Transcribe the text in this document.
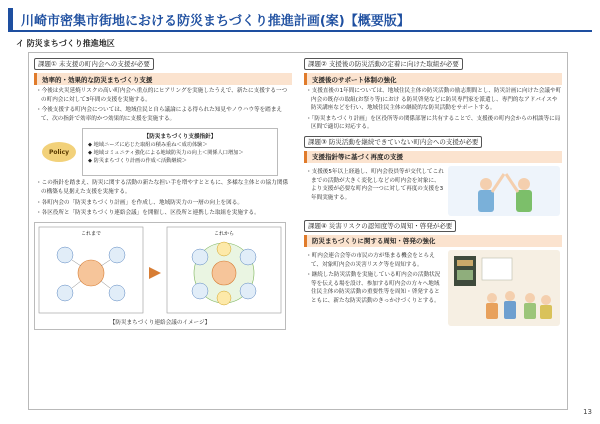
川崎市密集市街地における防災まちづくり推進計画(案)【概要版】
イ 防災まちづくり推進地区
課題① 未支援の町内会への支援が必要
効率的・効果的な防災まちづくり支援
・今後は火災延焼リスクの高い町内会へ重点的にヒアリングを実施したうえで、新たに支援する一つの町内会に対して3年間の支援を実施する。
・今後支援する町内会については、地域住民と自ら議論による得られた知見やノウハウ等を踏まえて、次の指針で効率的かつ効果的に支援を実施する。
Policy
【防災まちづくり支援指針】
◆ 地域ニーズに応じた取組の積み重ね＜成功体験＞
◆ 地域コミュニティ強化による地域防災力の向上＜関係人口増加＞
◆ 防災まちづくり計画の作成＜活動継続＞
・この指針を踏まえ、防災に関する活動の新たな担い手を増やすとともに、多様な主体との協力関係の構築も見据えた支援を実施する。
・各町内会の「防災まちづくり計画」を作成し、地域防災力の一層の向上を図る。
・各区役所と「防災まちづくり連絡会議」を開催し、区役所と連携した取組を実施する。
これまで	これから
【防災まちづくり連絡会議のイメージ】
課題② 支援後の防災活動の定着に向けた取組が必要
支援後のサポート体制の強化
・支援直後の1年間については、地域住民主体の防災活動の励志期間とし、防災計画に向けた会議や町内会の既存の取組(お祭り等)におけ る防災啓発などに防災専門家を派遣し、専門的なアドバイスや防災講座などを行い、地域住民主体の継続的な防災活動をサポートする。
・「防災まちづくり計画」を区役所等の関係部署に共有することで、支援後の町内会からの相談等に局区間で適切に対応する。
課題③ 防災活動を継続できていない町内会への支援が必要
支援指針等に基づく再度の支援
・支援後5年以上経過し、町内会役員等が交代してこれまでの活動が大きく変化しなどの町内会を対象に、より支援が必要な町内会一つに対して再度の支援を3年間実施する。
課題④ 災害リスクの認知度等の周知・啓発が必要
防災まちづくりに関する周知・啓発の強化
・町内会連合会等の市民の方が集まる機会をとらえて、対象町内会の災害リスク等を周知する。
・継続した防災活動を実施している町内会の活動状況等を伝える場を設け、参加する町内会の方々へ地域住民主体の防災活動の重要性等を周知・啓発するとともに、新たな防災活動のきっかけづくりとする。
13
